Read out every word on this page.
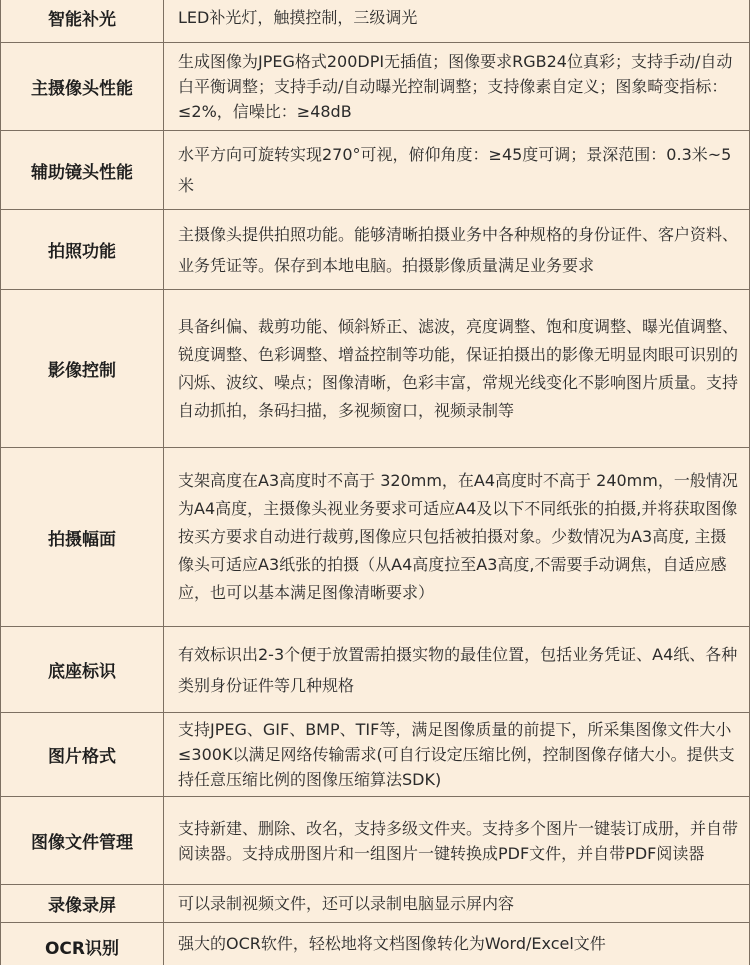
智能补光	LED补光灯，触摸控制，三级调光
主摄像头性能	生成图像为JPEG格式200DPI无插值；图像要求RGB24位真彩；支持手动/自动白平衡调整；支持手动/自动曝光控制调整；支持像素自定义；图象畸变指标：≤2%，信噪比：≥48dB
辅助镜头性能	水平方向可旋转实现270°可视，俯仰角度：≥45度可调；景深范围：0.3米~5米
拍照功能	主摄像头提供拍照功能。能够清晰拍摄业务中各种规格的身份证件、客户资料、业务凭证等。保存到本地电脑。拍摄影像质量满足业务要求
影像控制	具备纠偏、裁剪功能、倾斜矫正、滤波，亮度调整、饱和度调整、曝光值调整、锐度调整、色彩调整、增益控制等功能，保证拍摄出的影像无明显肉眼可识别的闪烁、波纹、噪点；图像清晰，色彩丰富，常规光线变化不影响图片质量。支持自动抓拍，条码扫描，多视频窗口，视频录制等
拍摄幅面	支架高度在A3高度时不高于 320mm，在A4高度时不高于 240mm，一般情况为A4高度，主摄像头视业务要求可适应A4及以下不同纸张的拍摄,并将获取图像按买方要求自动进行裁剪,图像应只包括被拍摄对象。少数情况为A3高度, 主摄像头可适应A3纸张的拍摄（从A4高度拉至A3高度,不需要手动调焦，自适应感应，也可以基本满足图像清晰要求）
底座标识	有效标识出2-3个便于放置需拍摄实物的最佳位置，包括业务凭证、A4纸、各种类别身份证件等几种规格
图片格式	支持JPEG、GIF、BMP、TIF等，满足图像质量的前提下，所采集图像文件大小≤300K以满足网络传输需求(可自行设定压缩比例，控制图像存储大小。提供支持任意压缩比例的图像压缩算法SDK)
图像文件管理	支持新建、删除、改名，支持多级文件夹。支持多个图片一键装订成册，并自带阅读器。支持成册图片和一组图片一键转换成PDF文件，并自带PDF阅读器
录像录屏	可以录制视频文件，还可以录制电脑显示屏内容
OCR识别	强大的OCR软件，轻松地将文档图像转化为Word/Excel文件
